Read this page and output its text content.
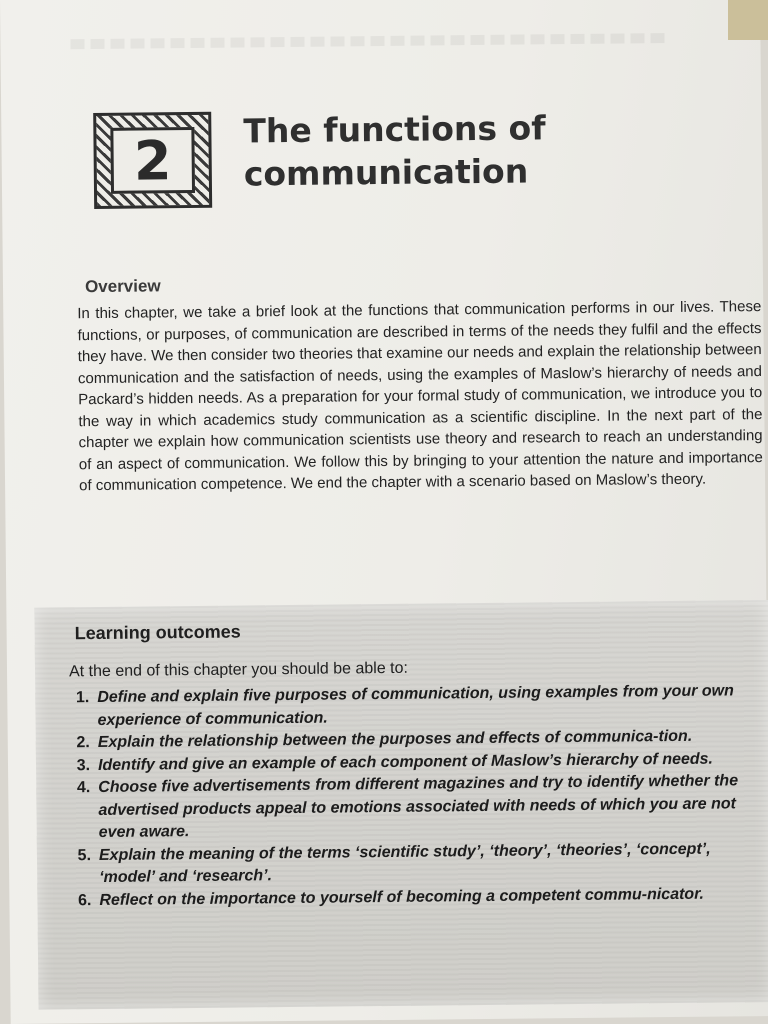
2 The functions of
communication
Overview

In this chapter, we take a brief look at the functions that communication performs in our lives. These functions, or purposes, of communication are described in terms of the needs they fulfil and the effects they have. We then consider two theories that examine our needs and explain the relationship between communication and the satisfaction of needs, using the examples of Maslow’s hierarchy of needs and Packard’s hidden needs. As a preparation for your formal study of communication, we introduce you to the way in which academics study communication as a scientific discipline. In the next part of the chapter we explain how communication scientists use theory and research to reach an understanding of an aspect of communication. We follow this by bringing to your attention the nature and importance of communication competence. We end the chapter with a scenario based on Maslow’s theory.

Learning outcomes

At the end of this chapter you should be able to:

1. Define and explain five purposes of communication, using examples from your own experience of communication.
2. Explain the relationship between the purposes and effects of communica-tion.
3. Identify and give an example of each component of Maslow’s hierarchy of needs.
4. Choose five advertisements from different magazines and try to identify whether the advertised products appeal to emotions associated with needs of which you are not even aware.
5. Explain the meaning of the terms ‘scientific study’, ‘theory’, ‘theories’, ‘concept’, ‘model’ and ‘research’.
6. Reflect on the importance to yourself of becoming a competent commu-nicator.
